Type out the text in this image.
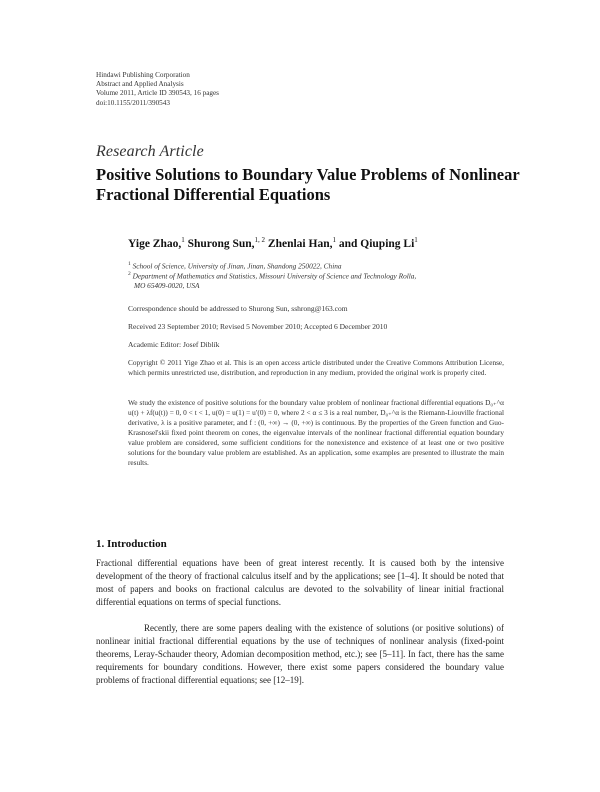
Hindawi Publishing Corporation
Abstract and Applied Analysis
Volume 2011, Article ID 390543, 16 pages
doi:10.1155/2011/390543
Research Article
Positive Solutions to Boundary Value Problems of Nonlinear Fractional Differential Equations
Yige Zhao,$^1$ Shurong Sun,$^{1, 2}$ Zhenlai Han,$^1$ and Qiuping Li$^1$
$^1$ School of Science, University of Jinan, Jinan, Shandong 250022, China
$^2$ Department of Mathematics and Statistics, Missouri University of Science and Technology Rolla,
MO 65409-0020, USA
Correspondence should be addressed to Shurong Sun, sshrong@163.com
Received 23 September 2010; Revised 5 November 2010; Accepted 6 December 2010
Academic Editor: Josef Diblík
Copyright © 2011 Yige Zhao et al. This is an open access article distributed under the Creative Commons Attribution License, which permits unrestricted use, distribution, and reproduction in any medium, provided the original work is properly cited.
We study the existence of positive solutions for the boundary value problem of nonlinear fractional differential equations D₀₊^α u(t) + λf(u(t)) = 0, 0 < t < 1, u(0) = u(1) = u′(0) = 0, where 2 < α ≤ 3 is a real number, D₀₊^α is the Riemann-Liouville fractional derivative, λ is a positive parameter, and f : (0, +∞) → (0, +∞) is continuous. By the properties of the Green function and Guo-Krasnosel'skii fixed point theorem on cones, the eigenvalue intervals of the nonlinear fractional differential equation boundary value problem are considered, some sufficient conditions for the nonexistence and existence of at least one or two positive solutions for the boundary value problem are established. As an application, some examples are presented to illustrate the main results.
1. Introduction
Fractional differential equations have been of great interest recently. It is caused both by the intensive development of the theory of fractional calculus itself and by the applications; see [1–4]. It should be noted that most of papers and books on fractional calculus are devoted to the solvability of linear initial fractional differential equations on terms of special functions.
Recently, there are some papers dealing with the existence of solutions (or positive solutions) of nonlinear initial fractional differential equations by the use of techniques of nonlinear analysis (fixed-point theorems, Leray-Schauder theory, Adomian decomposition method, etc.); see [5–11]. In fact, there has the same requirements for boundary conditions. However, there exist some papers considered the boundary value problems of fractional differential equations; see [12–19].
